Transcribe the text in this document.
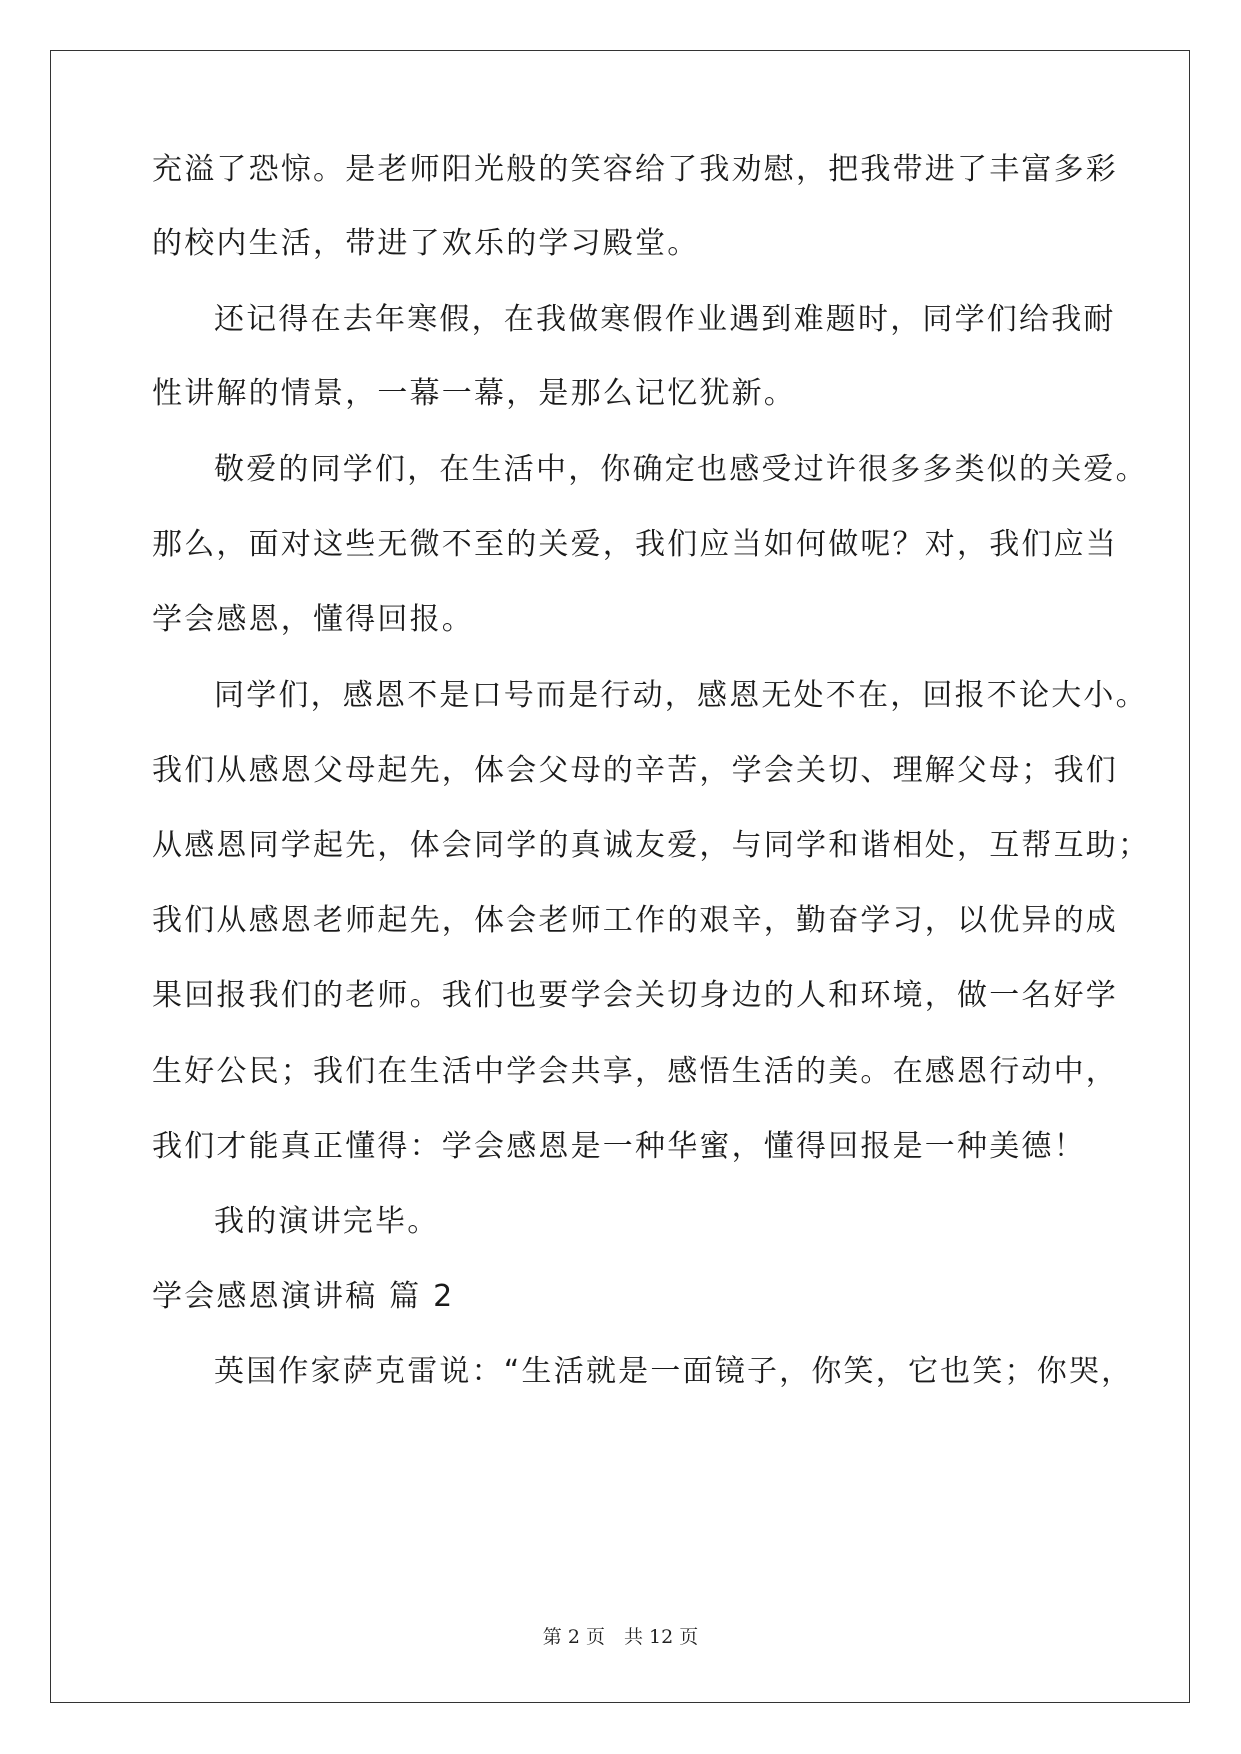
充溢了恐惊。是老师阳光般的笑容给了我劝慰，把我带进了丰富多彩
的校内生活，带进了欢乐的学习殿堂。
还记得在去年寒假，在我做寒假作业遇到难题时，同学们给我耐
性讲解的情景，一幕一幕，是那么记忆犹新。
敬爱的同学们，在生活中，你确定也感受过许很多多类似的关爱。
那么，面对这些无微不至的关爱，我们应当如何做呢？对，我们应当
学会感恩，懂得回报。
同学们，感恩不是口号而是行动，感恩无处不在，回报不论大小。
我们从感恩父母起先，体会父母的辛苦，学会关切、理解父母；我们
从感恩同学起先，体会同学的真诚友爱，与同学和谐相处，互帮互助；
我们从感恩老师起先，体会老师工作的艰辛，勤奋学习，以优异的成
果回报我们的老师。我们也要学会关切身边的人和环境，做一名好学
生好公民；我们在生活中学会共享，感悟生活的美。在感恩行动中，
我们才能真正懂得：学会感恩是一种华蜜，懂得回报是一种美德！
我的演讲完毕。
学会感恩演讲稿 篇 2
英国作家萨克雷说：“生活就是一面镜子，你笑，它也笑；你哭，
第 2 页　共 12 页
